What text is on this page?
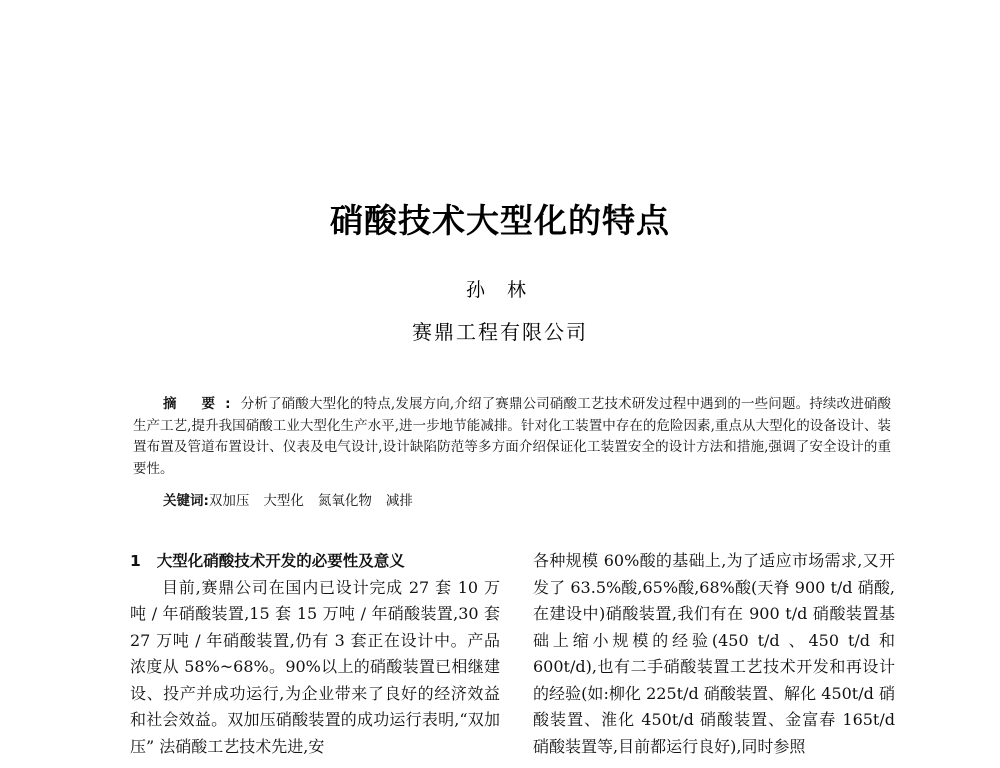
硝酸技术大型化的特点
孙 林
赛鼎工程有限公司
摘 要:分析了硝酸大型化的特点,发展方向,介绍了赛鼎公司硝酸工艺技术研发过程中遇到的一些问题。持续改进硝酸生产工艺,提升我国硝酸工业大型化生产水平,进一步地节能减排。针对化工装置中存在的危险因素,重点从大型化的设备设计、装置布置及管道布置设计、仪表及电气设计,设计缺陷防范等多方面介绍保证化工装置安全的设计方法和措施,强调了安全设计的重要性。
关键词:双加压 大型化 氮氧化物 减排
1 大型化硝酸技术开发的必要性及意义
目前,赛鼎公司在国内已设计完成 27 套 10 万吨 / 年硝酸装置,15 套 15 万吨 / 年硝酸装置,30 套 27 万吨 / 年硝酸装置,仍有 3 套正在设计中。产品浓度从 58%~68%。90%以上的硝酸装置已相继建设、投产并成功运行,为企业带来了良好的经济效益和社会效益。双加压硝酸装置的成功运行表明,“双加压” 法硝酸工艺技术先进,安
各种规模 60%酸的基础上,为了适应市场需求,又开发了 63.5%酸,65%酸,68%酸(天脊 900 t/d 硝酸,在建设中)硝酸装置,我们有在 900 t/d 硝酸装置基础上缩小规模的经验(450 t/d 、450 t/d 和 600t/d),也有二手硝酸装置工艺技术开发和再设计的经验(如:柳化 225t/d 硝酸装置、解化 450t/d 硝酸装置、淮化 450t/d 硝酸装置、金富春 165t/d 硝酸装置等,目前都运行良好),同时参照
